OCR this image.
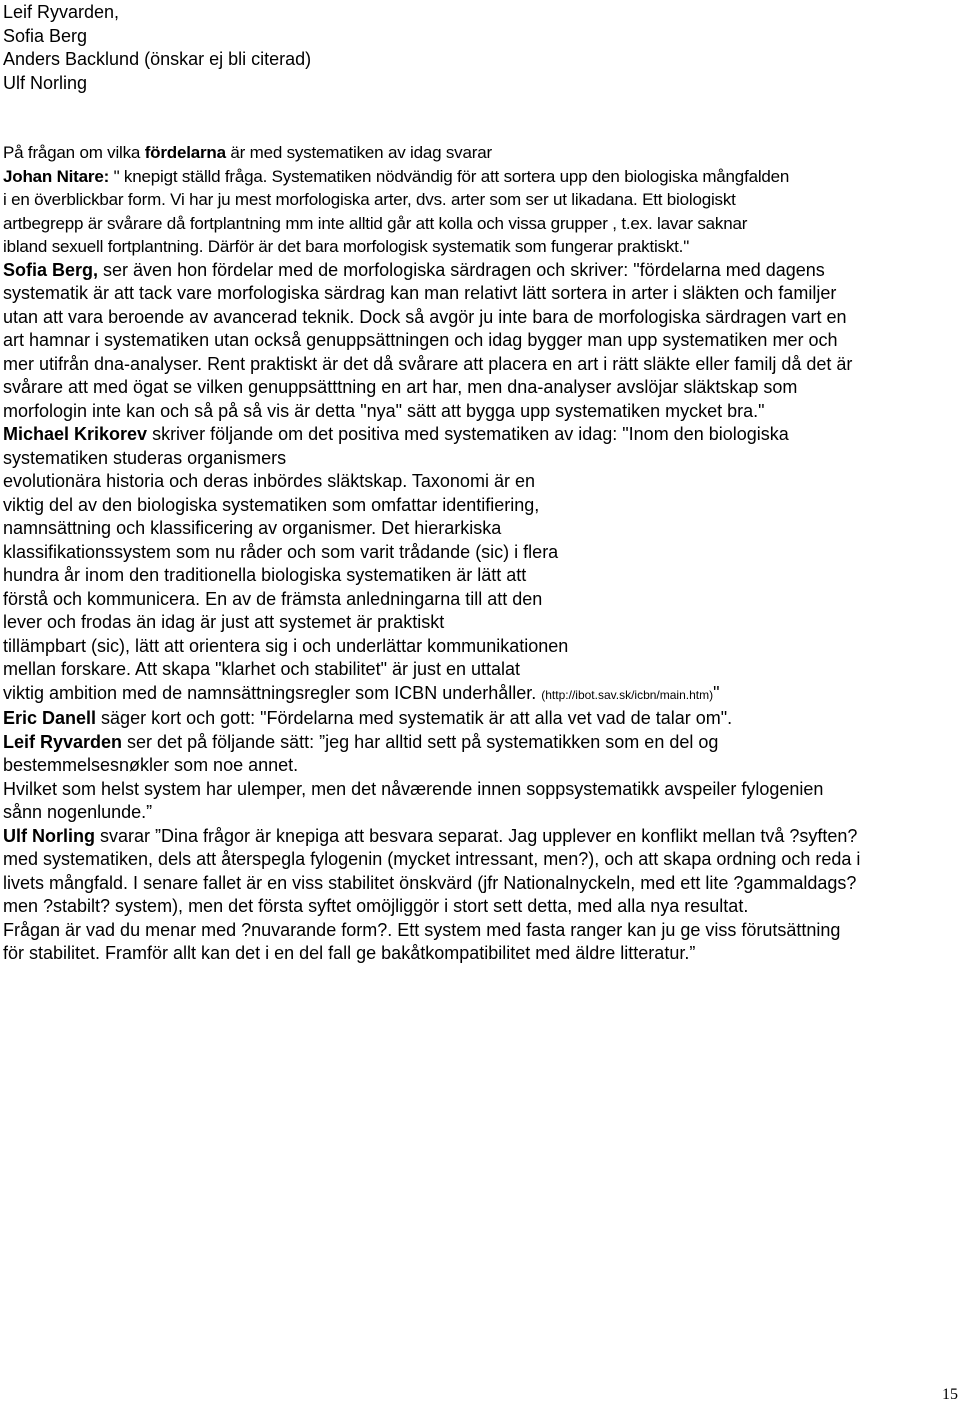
Leif Ryvarden,
Sofia Berg
Anders Backlund (önskar ej bli citerad)
Ulf Norling
På frågan om vilka fördelarna är med systematiken av idag svarar
Johan Nitare: " knepigt ställd fråga. Systematiken nödvändig för att sortera upp den biologiska mångfalden
i en överblickbar form. Vi har ju mest morfologiska arter, dvs. arter som ser ut likadana. Ett biologiskt
artbegrepp är svårare då fortplantning mm inte alltid går att kolla och vissa grupper , t.ex. lavar saknar
ibland sexuell fortplantning. Därför är det bara morfologisk systematik som fungerar praktiskt."
Sofia Berg, ser även hon fördelar med de morfologiska särdragen och skriver: "fördelarna med dagens
systematik är att tack vare morfologiska särdrag kan man relativt lätt sortera in arter i släkten och familjer
utan att vara beroende av avancerad teknik. Dock så avgör ju inte bara de morfologiska särdragen vart en
art hamnar i systematiken utan också genuppsättningen och idag bygger man upp systematiken mer och
mer utifrån dna-analyser. Rent praktiskt är det då svårare att placera en art i rätt släkte eller familj då det är
svårare att med ögat se vilken genuppsätttning en art har, men dna-analyser avslöjar släktskap som
morfologin inte kan och så på så vis är detta "nya" sätt att bygga upp systematiken mycket bra."
Michael Krikorev skriver följande om det positiva med systematiken av idag: "Inom den biologiska
systematiken studeras organismers
evolutionära historia och deras inbördes släktskap. Taxonomi är en
viktig del av den biologiska systematiken som omfattar identifiering,
namnsättning och klassificering av organismer. Det hierarkiska
klassifikationssystem som nu råder och som varit trådande (sic) i flera
hundra år inom den traditionella biologiska systematiken är lätt att
förstå och kommunicera. En av de främsta anledningarna till att den
lever och frodas än idag är just att systemet är praktiskt
tillämpbart (sic), lätt att orientera sig i och underlättar kommunikationen
mellan forskare. Att skapa "klarhet och stabilitet" är just en uttalat
viktig ambition med de namnsättningsregler som ICBN underhåller. (http://ibot.sav.sk/icbn/main.htm)"
Eric Danell säger kort och gott: "Fördelarna med systematik är att alla vet vad de talar om".
Leif Ryvarden ser det på följande sätt: ”jeg har alltid sett på systematikken som en del og
bestemmelsesnøkler som noe annet.
Hvilket som helst system har ulemper, men det nåværende innen soppsystematikk avspeiler fylogenien
sånn nogenlunde.”
Ulf Norling svarar ”Dina frågor är knepiga att besvara separat. Jag upplever en konflikt mellan två ?syften?
med systematiken, dels att återspegla fylogenin (mycket intressant, men?), och att skapa ordning och reda i
livets mångfald. I senare fallet är en viss stabilitet önskvärd (jfr Nationalnyckeln, med ett lite ?gammaldags?
men ?stabilt? system), men det första syftet omöjliggör i stort sett detta, med alla nya resultat.
Frågan är vad du menar med ?nuvarande form?. Ett system med fasta ranger kan ju ge viss förutsättning
för stabilitet. Framför allt kan det i en del fall ge bakåtkompatibilitet med äldre litteratur.”
15
